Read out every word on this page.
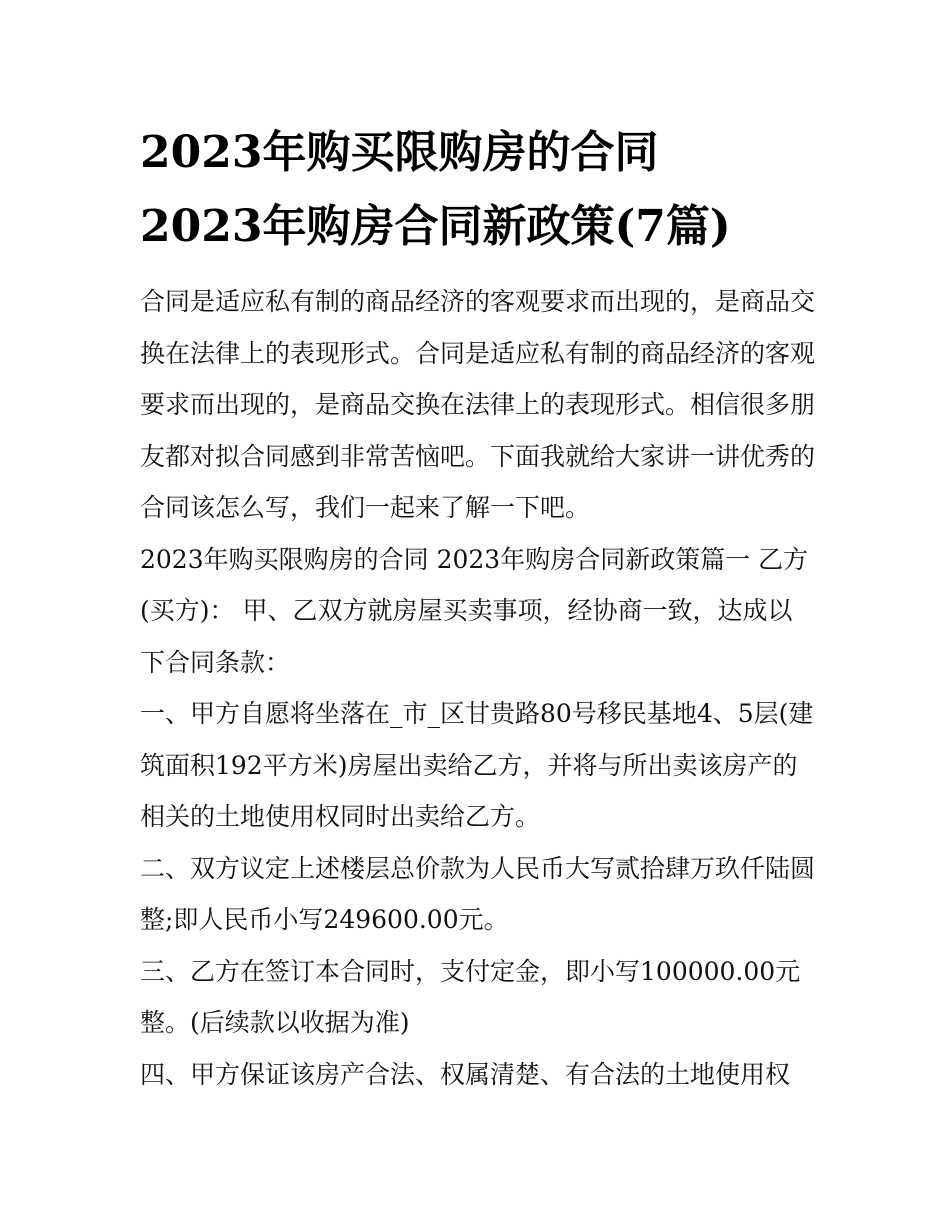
2023年购买限购房的合同
2023年购房合同新政策(7篇)

合同是适应私有制的商品经济的客观要求而出现的，是商品交

换在法律上的表现形式。合同是适应私有制的商品经济的客观

要求而出现的，是商品交换在法律上的表现形式。相信很多朋

友都对拟合同感到非常苦恼吧。下面我就给大家讲一讲优秀的

合同该怎么写，我们一起来了解一下吧。

2023年购买限购房的合同 2023年购房合同新政策篇一 乙方

(买方)： 甲、乙双方就房屋买卖事项，经协商一致，达成以

下合同条款：

一、甲方自愿将坐落在_市_区甘贵路80号移民基地4、5层(建

筑面积192平方米)房屋出卖给乙方，并将与所出卖该房产的

相关的土地使用权同时出卖给乙方。

二、双方议定上述楼层总价款为人民币大写贰拾肆万玖仟陆圆

整;即人民币小写249600.00元。

三、乙方在签订本合同时，支付定金，即小写100000.00元

整。(后续款以收据为准)

四、甲方保证该房产合法、权属清楚、有合法的土地使用权
